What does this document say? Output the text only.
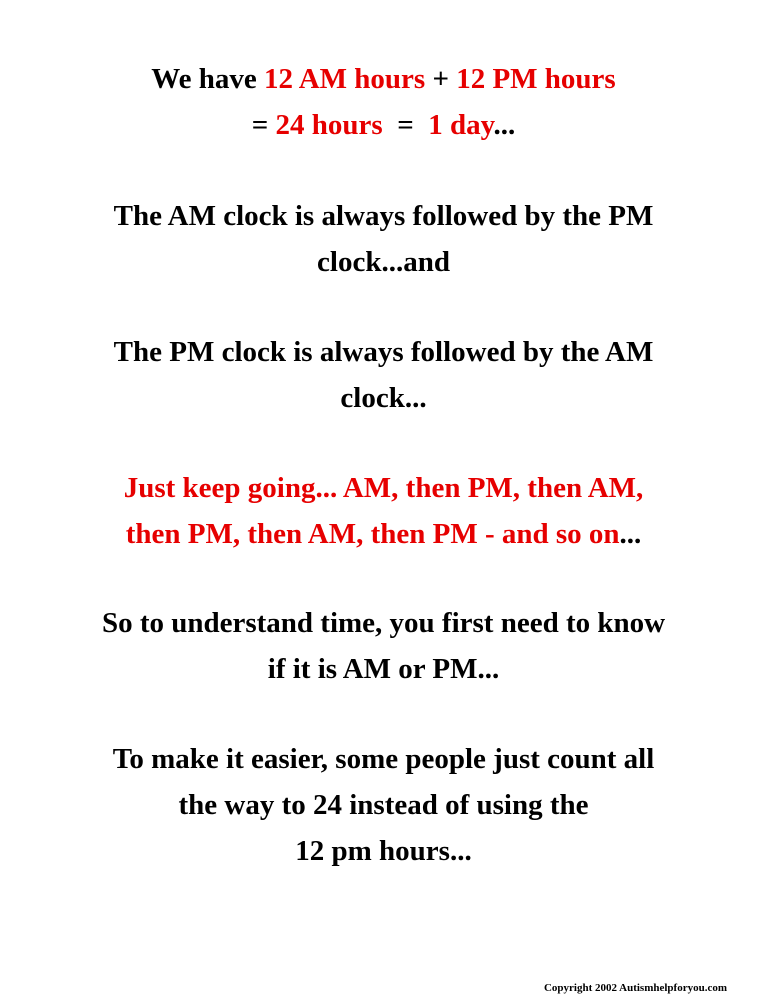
We have 12 AM hours + 12 PM hours
= 24 hours  =  1 day...

The AM clock is always followed by the PM
clock...and

The PM clock is always followed by the AM
clock...

Just keep going... AM, then PM, then AM,
then PM, then AM, then PM - and so on...

So to understand time, you first need to know
if it is AM or PM...

To make it easier, some people just count all
the way to 24 instead of using the
12 pm hours...

Copyright 2002 Autismhelpforyou.com
